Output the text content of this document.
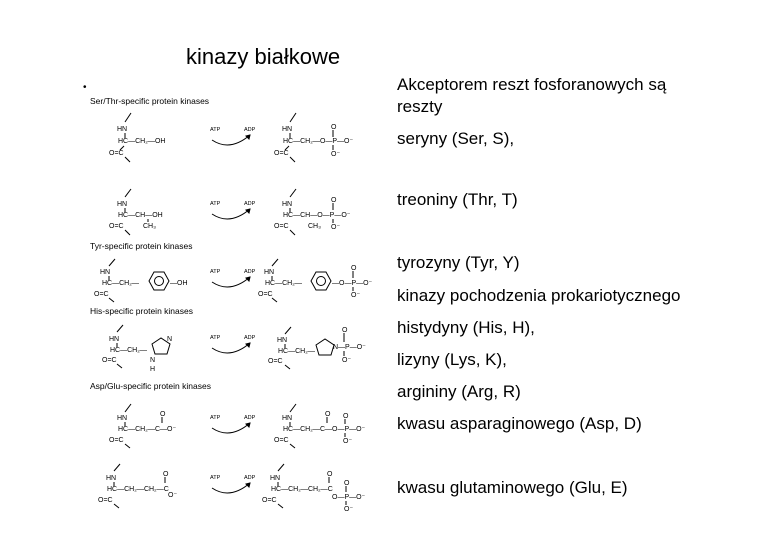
kinazy białkowe
•
Ser/Thr-specific protein kinases
Tyr-specific protein kinases
His-specific protein kinases
Asp/Glu-specific protein kinases
HN
HC—CH₂—OH
O=C
ATP	ADP	HN
HC—CH₂—O—P—O⁻
O
O⁻
O=C
HN
HC—CH—OH
CH₃
O=C
ATP	ADP	HN
HC—CH—O—P—O⁻
O
O⁻
CH₃
O=C
HN
HC—CH₂—	—OH
O=C
ATP	ADP HN
HC—CH₂—	—O—P—O⁻
O
O⁻
O=C
HN
HC—CH₂—
N
N
H
O=C
ATP	ADP	HN
HC—CH₂—
N—P—O⁻
O
O⁻
O=C
HN
HC—CH₂—C—O⁻
O
O=C
ATP	ADP	HN
HC—CH₂—C—O—P—O⁻
O O
O⁻
O=C
HN
HC—CH₂—CH₂—C
O
O⁻
O=C
ATP	ADP HN
HC—CH₂—CH₂—C
O
O—P—O⁻
O
O⁻
O=C
Akceptorem reszt fosforanowych są
reszty
seryny (Ser, S),
treoniny (Thr, T)
tyrozyny (Tyr, Y)
kinazy pochodzenia prokariotycznego
histydyny (His, H),
lizyny (Lys, K),
argininy (Arg, R)
kwasu asparaginowego (Asp, D)
kwasu glutaminowego (Glu, E)
